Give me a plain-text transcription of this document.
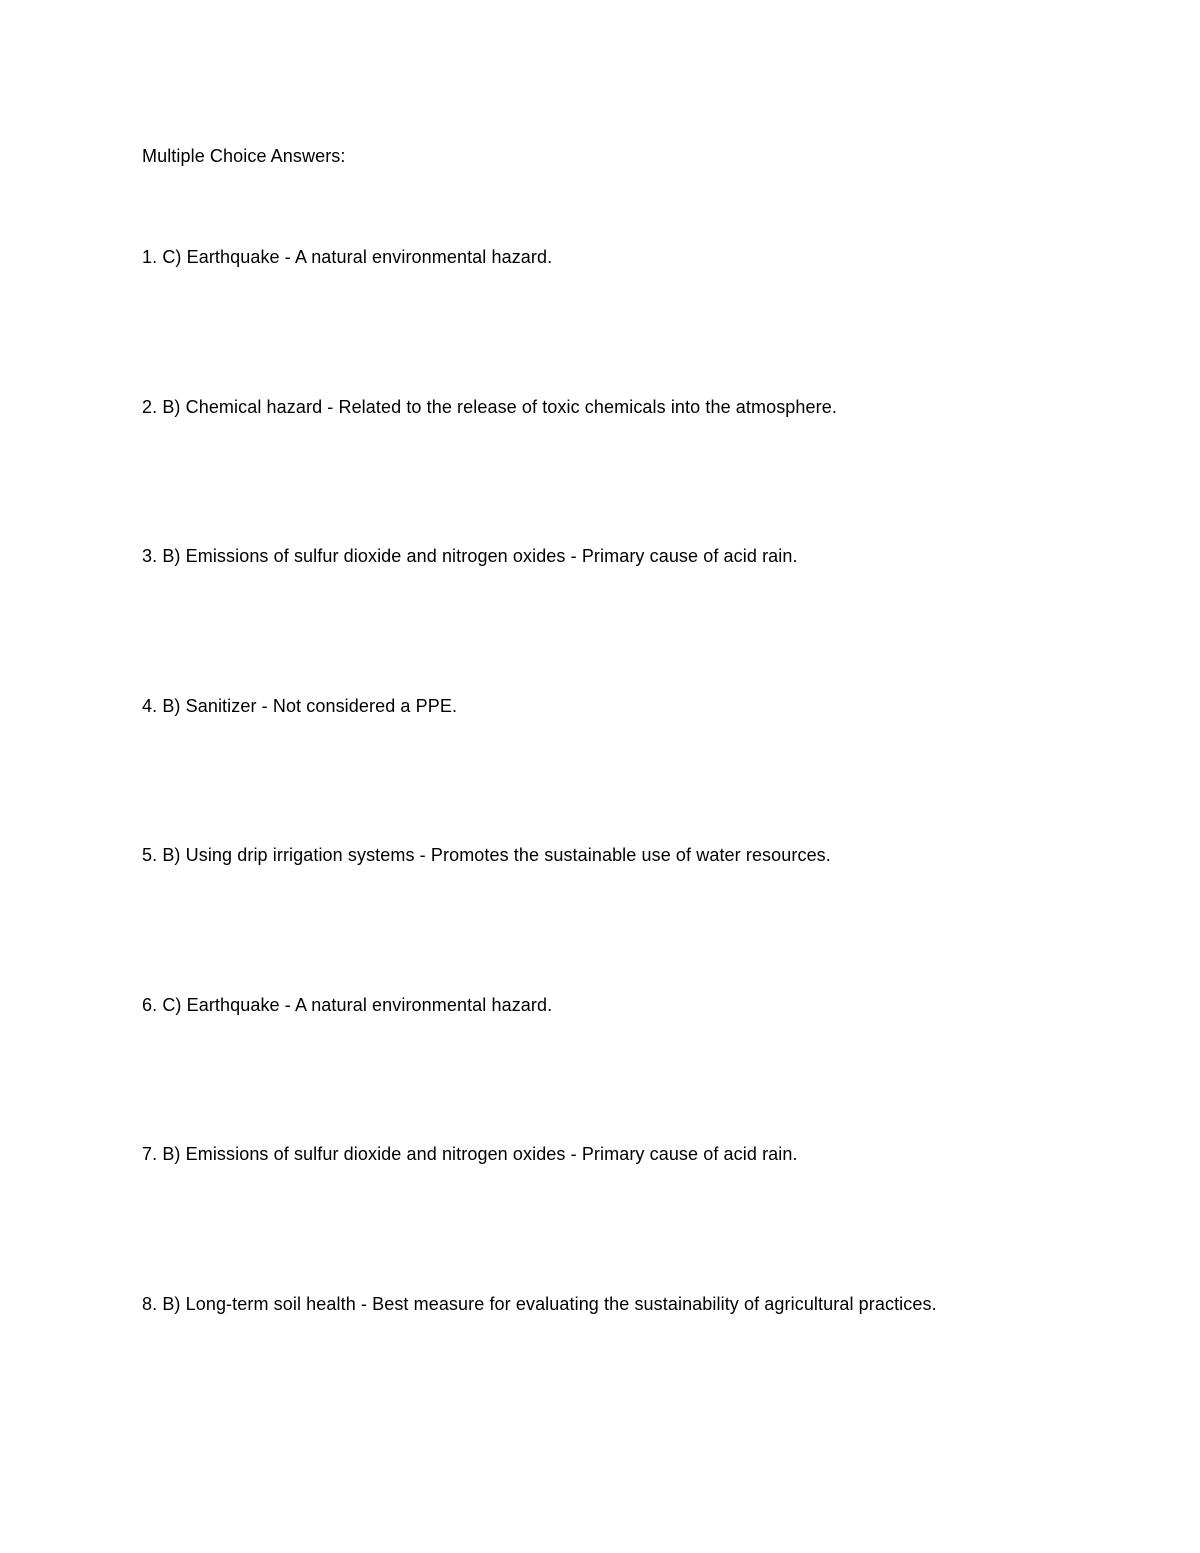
Multiple Choice Answers:
1. C) Earthquake - A natural environmental hazard.
2. B) Chemical hazard - Related to the release of toxic chemicals into the atmosphere.
3. B) Emissions of sulfur dioxide and nitrogen oxides - Primary cause of acid rain.
4. B) Sanitizer - Not considered a PPE.
5. B) Using drip irrigation systems - Promotes the sustainable use of water resources.
6. C) Earthquake - A natural environmental hazard.
7. B) Emissions of sulfur dioxide and nitrogen oxides - Primary cause of acid rain.
8. B) Long-term soil health - Best measure for evaluating the sustainability of agricultural practices.
